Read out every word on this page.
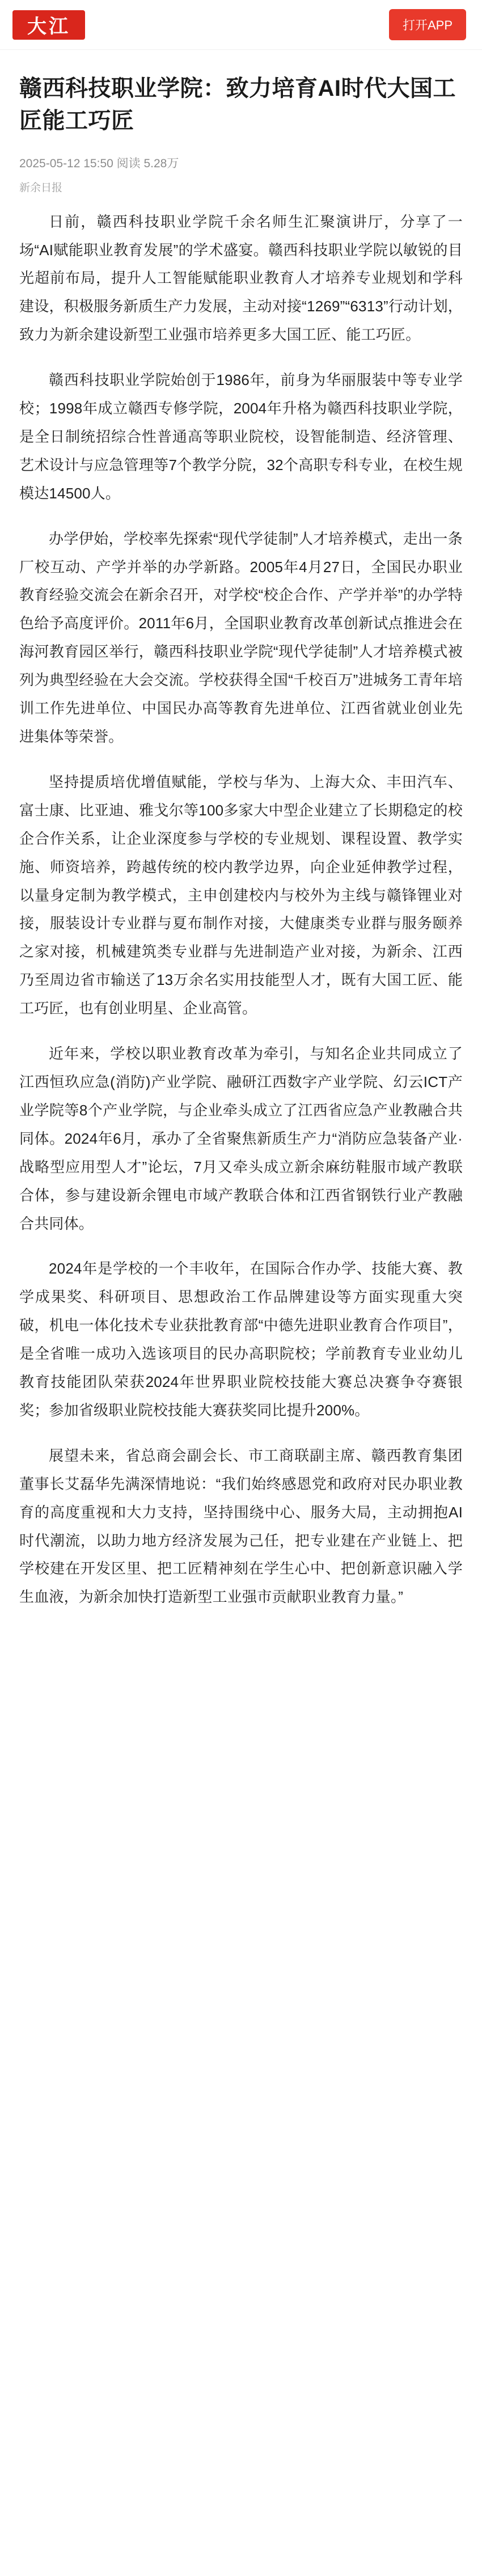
大江	打开APP
赣西科技职业学院：致力培育AI时代大国工匠能工巧匠
2025-05-12 15:50 阅读 5.28万
新余日报

日前，赣西科技职业学院千余名师生汇聚演讲厅，分享了一场“AI赋能职业教育发展”的学术盛宴。赣西科技职业学院以敏锐的目光超前布局，提升人工智能赋能职业教育人才培养专业规划和学科建设，积极服务新质生产力发展，主动对接“1269”“6313”行动计划，致力为新余建设新型工业强市培养更多大国工匠、能工巧匠。

赣西科技职业学院始创于1986年，前身为华丽服装中等专业学校；1998年成立赣西专修学院，2004年升格为赣西科技职业学院，是全日制统招综合性普通高等职业院校，设智能制造、经济管理、艺术设计与应急管理等7个教学分院，32个高职专科专业，在校生规模达14500人。

办学伊始，学校率先探索“现代学徒制”人才培养模式，走出一条厂校互动、产学并举的办学新路。2005年4月27日，全国民办职业教育经验交流会在新余召开，对学校“校企合作、产学并举”的办学特色给予高度评价。2011年6月，全国职业教育改革创新试点推进会在海河教育园区举行，赣西科技职业学院“现代学徒制”人才培养模式被列为典型经验在大会交流。学校获得全国“千校百万”进城务工青年培训工作先进单位、中国民办高等教育先进单位、江西省就业创业先进集体等荣誉。

坚持提质培优增值赋能，学校与华为、上海大众、丰田汽车、富士康、比亚迪、雅戈尔等100多家大中型企业建立了长期稳定的校企合作关系，让企业深度参与学校的专业规划、课程设置、教学实施、师资培养，跨越传统的校内教学边界，向企业延伸教学过程，以量身定制为教学模式，主申创建校内与校外为主线与赣锋锂业对接，服装设计专业群与夏布制作对接，大健康类专业群与服务颐养之家对接，机械建筑类专业群与先进制造产业对接，为新余、江西乃至周边省市输送了13万余名实用技能型人才，既有大国工匠、能工巧匠，也有创业明星、企业高管。

近年来，学校以职业教育改革为牵引，与知名企业共同成立了江西恒玖应急(消防)产业学院、融研江西数字产业学院、幻云ICT产业学院等8个产业学院，与企业牵头成立了江西省应急产业教融合共同体。2024年6月，承办了全省聚焦新质生产力“消防应急装备产业·战略型应用型人才”论坛，7月又牵头成立新余麻纺鞋服市域产教联合体，参与建设新余锂电市域产教联合体和江西省钢铁行业产教融合共同体。

2024年是学校的一个丰收年，在国际合作办学、技能大赛、教学成果奖、科研项目、思想政治工作品牌建设等方面实现重大突破，机电一体化技术专业获批教育部“中德先进职业教育合作项目”，是全省唯一成功入选该项目的民办高职院校；学前教育专业业幼儿教育技能团队荣获2024年世界职业院校技能大赛总决赛争夺赛银奖；参加省级职业院校技能大赛获奖同比提升200%。

展望未来，省总商会副会长、市工商联副主席、赣西教育集团董事长艾磊华先满深情地说：“我们始终感恩党和政府对民办职业教育的高度重视和大力支持，坚持围绕中心、服务大局，主动拥抱AI时代潮流，以助力地方经济发展为己任，把专业建在产业链上、把学校建在开发区里、把工匠精神刻在学生心中、把创新意识融入学生血液，为新余加快打造新型工业强市贡献职业教育力量。”
